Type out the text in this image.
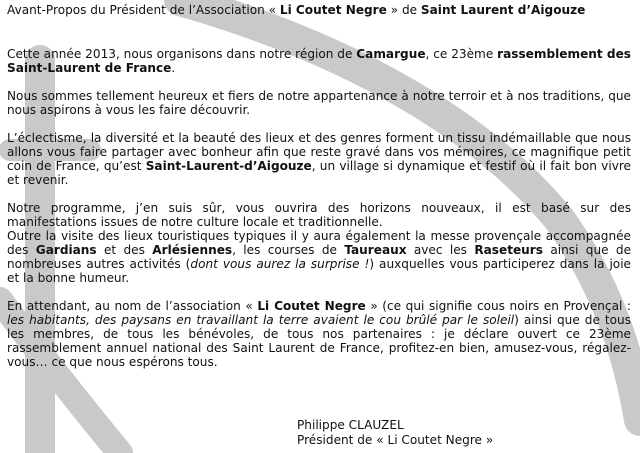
Avant-Propos du Président de l’Association « Li Coutet Negre » de Saint Laurent d’Aigouze

Cette année 2013, nous organisons dans notre région de Camargue, ce 23ème rassemblement des Saint-Laurent de France.

Nous sommes tellement heureux et fiers de notre appartenance à notre terroir et à nos traditions, que nous aspirons à vous les faire découvrir.

L’éclectisme, la diversité et la beauté des lieux et des genres forment un tissu indémaillable que nous allons vous faire partager avec bonheur afin que reste gravé dans vos mémoires, ce magnifique petit coin de France, qu’est Saint-Laurent-d’Aigouze, un village si dynamique et festif où il fait bon vivre et revenir.

Notre programme, j’en suis sûr, vous ouvrira des horizons nouveaux, il est basé sur des manifestations issues de notre culture locale et traditionnelle.

Outre la visite des lieux touristiques typiques il y aura également la messe provençale accompagnée des Gardians et des Arlésiennes, les courses de Taureaux avec les Raseteurs ainsi que de nombreuses autres activités (dont vous aurez la surprise !) auxquelles vous participerez dans la joie et la bonne humeur.

En attendant, au nom de l’association « Li Coutet Negre » (ce qui signifie cous noirs en Provençal : les habitants, des paysans en travaillant la terre avaient le cou brûlé par le soleil) ainsi que de tous les membres, de tous les bénévoles, de tous nos partenaires : je déclare ouvert ce 23ème rassemblement annuel national des Saint Laurent de France, profitez-en bien, amusez-vous, régalez-vous… ce que nous espérons tous.

Philippe CLAUZEL
Président de « Li Coutet Negre »
